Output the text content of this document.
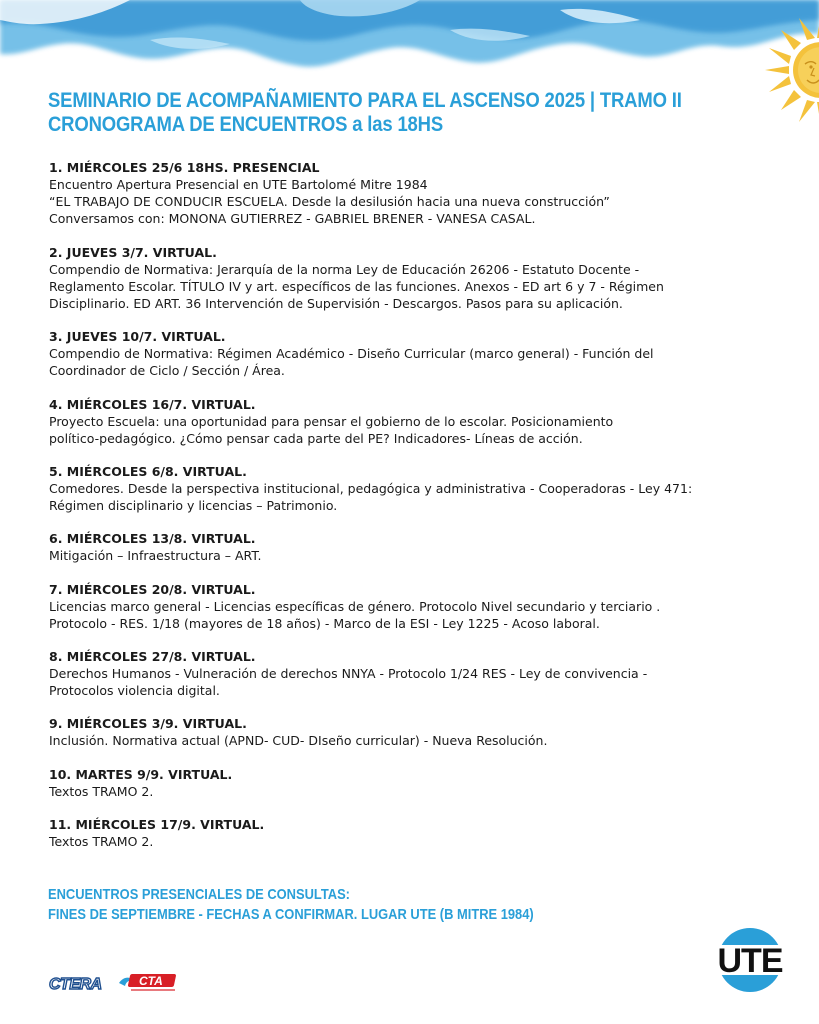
SEMINARIO DE ACOMPAÑAMIENTO PARA EL ASCENSO 2025 | TRAMO II
CRONOGRAMA DE ENCUENTROS a las 18HS
1. MIÉRCOLES 25/6 18HS. PRESENCIAL
Encuentro Apertura Presencial en UTE Bartolomé Mitre 1984
“EL TRABAJO DE CONDUCIR ESCUELA. Desde la desilusión hacia una nueva construcción”
Conversamos con: MONONA GUTIERREZ - GABRIEL BRENER - VANESA CASAL.
2. JUEVES 3/7. VIRTUAL.
Compendio de Normativa: Jerarquía de la norma Ley de Educación 26206 - Estatuto Docente -
Reglamento Escolar. TÍTULO IV y art. específicos de las funciones. Anexos - ED art 6 y 7 - Régimen
Disciplinario. ED ART. 36 Intervención de Supervisión - Descargos. Pasos para su aplicación.
3. JUEVES 10/7. VIRTUAL.
Compendio de Normativa: Régimen Académico - Diseño Curricular (marco general) - Función del
Coordinador de Ciclo / Sección / Área.
4. MIÉRCOLES 16/7. VIRTUAL.
Proyecto Escuela: una oportunidad para pensar el gobierno de lo escolar. Posicionamiento
político-pedagógico. ¿Cómo pensar cada parte del PE? Indicadores- Líneas de acción.
5. MIÉRCOLES 6/8. VIRTUAL.
Comedores. Desde la perspectiva institucional, pedagógica y administrativa - Cooperadoras - Ley 471:
Régimen disciplinario y licencias – Patrimonio.
6. MIÉRCOLES 13/8. VIRTUAL.
Mitigación – Infraestructura – ART.
7. MIÉRCOLES 20/8. VIRTUAL.
Licencias marco general - Licencias específicas de género. Protocolo Nivel secundario y terciario .
Protocolo - RES. 1/18 (mayores de 18 años) - Marco de la ESI - Ley 1225 - Acoso laboral.
8. MIÉRCOLES 27/8. VIRTUAL.
Derechos Humanos - Vulneración de derechos NNYA - Protocolo 1/24 RES - Ley de convivencia -
Protocolos violencia digital.
9. MIÉRCOLES 3/9. VIRTUAL.
Inclusión. Normativa actual (APND- CUD- DIseño curricular) - Nueva Resolución.
10. MARTES 9/9. VIRTUAL.
Textos TRAMO 2.
11. MIÉRCOLES 17/9. VIRTUAL.
Textos TRAMO 2.
ENCUENTROS PRESENCIALES DE CONSULTAS:
FINES DE SEPTIEMBRE - FECHAS A CONFIRMAR. LUGAR UTE (B MITRE 1984)
CTERA	CTA
UTE
